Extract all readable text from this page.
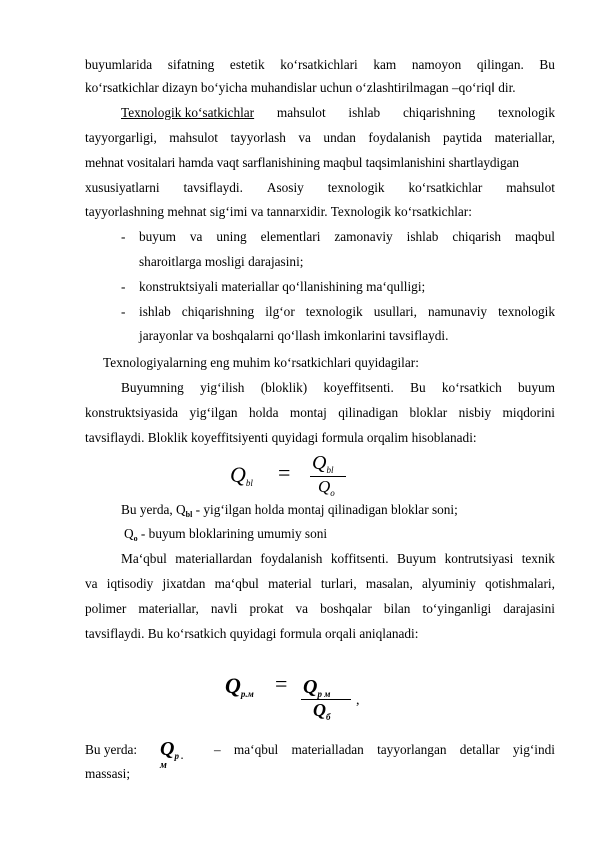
buyumlarida sifatning estetik ko‘rsatkichlari kam namoyon qilingan. Bu
ko‘rsatkichlar dizayn bo‘yicha muhandislar uchun o‘zlashtirilmagan –qo‘riq‖ dir.
Texnologik ko‘satkichlar mahsulot ishlab chiqarishning texnologik
tayyorgarligi, mahsulot tayyorlash va undan foydalanish paytida materiallar,
mehnat vositalari hamda vaqt sarflanishining maqbul taqsimlanishini shartlaydigan
xususiyatlarni tavsiflaydi. Asosiy texnologik ko‘rsatkichlar mahsulot
tayyorlashning mehnat sig‘imi va tannarxidir. Texnologik ko‘rsatkichlar:
-	buyum va uning elementlari zamonaviy ishlab chiqarish maqbul
sharoitlarga mosligi darajasini;
-	konstruktsiyali materiallar qo‘llanishining ma‘qulligi;
-	ishlab chiqarishning ilg‘or texnologik usullari, namunaviy texnologik
jarayonlar va boshqalarni qo‘llash imkonlarini tavsiflaydi.
Texnologiyalarning eng muhim ko‘rsatkichlari quyidagilar:
Buyumning yig‘ilish (bloklik) koyeffitsenti. Bu ko‘rsatkich buyum
konstruktsiyasida yig‘ilgan holda montaj qilinadigan bloklar nisbiy miqdorini
tavsiflaydi. Bloklik koyeffitsiyenti quyidagi formula orqalim hisoblanadi:
Qbl = $Q_{bl}$
$Q_o$
Bu yerda, $Q_{bl}$ - yig‘ilgan holda montaj qilinadigan bloklar soni;
$Q_o$ - buyum bloklarining umumiy soni
Ma‘qbul materiallardan foydalanish koffitsenti. Buyum kontrutsiyasi texnik
va iqtisodiy jixatdan ma‘qbul material turlari, masalan, alyuminiy qotishmalari,
polimer materiallar, navli prokat va boshqalar bilan to‘yinganligi darajasini
tavsiflaydi. Bu ko‘rsatkich quyidagi formula orqali aniqlanadi:
$Qp.м = Q_{p м}$
$Q_б$
,
Bu yerda:	$Q_{p .}$
м
– ma‘qbul materialladan tayyorlangan detallar yig‘indi
massasi;
